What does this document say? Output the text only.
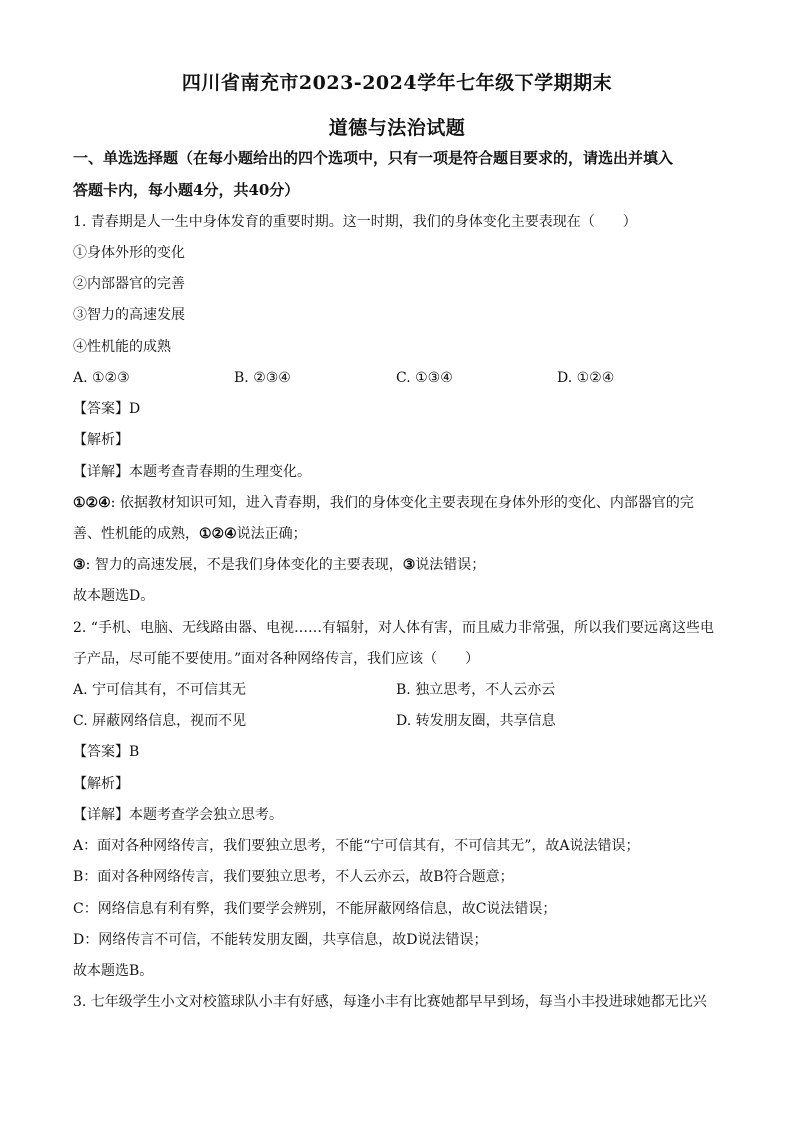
四川省南充市2023-2024学年七年级下学期期末
道德与法治试题
一、单选选择题（在每小题给出的四个选项中，只有一项是符合题目要求的，请选出并填入
答题卡内，每小题4分，共40分）
1. 青春期是人一生中身体发育的重要时期。这一时期，我们的身体变化主要表现在（　　）
①身体外形的变化
②内部器官的完善
③智力的高速发展
④性机能的成熟
A. ①②③	B. ②③④	C. ①③④	D. ①②④
【答案】D
【解析】
【详解】本题考查青春期的生理变化。
①②④: 依据教材知识可知，进入青春期，我们的身体变化主要表现在身体外形的变化、内部器官的完
善、性机能的成熟，①②④说法正确；
③: 智力的高速发展，不是我们身体变化的主要表现，③说法错误；
故本题选D。
2. “手机、电脑、无线路由器、电视……有辐射，对人体有害，而且威力非常强，所以我们要远离这些电
子产品，尽可能不要使用。”面对各种网络传言，我们应该（　　）
A. 宁可信其有，不可信其无	B. 独立思考，不人云亦云
C. 屏蔽网络信息，视而不见	D. 转发朋友圈，共享信息
【答案】B
【解析】
【详解】本题考查学会独立思考。
A：面对各种网络传言，我们要独立思考，不能“宁可信其有，不可信其无”，故A说法错误；
B：面对各种网络传言，我们要独立思考，不人云亦云，故B符合题意；
C：网络信息有利有弊，我们要学会辨别，不能屏蔽网络信息，故C说法错误；
D：网络传言不可信，不能转发朋友圈，共享信息，故D说法错误；
故本题选B。
3. 七年级学生小文对校篮球队小丰有好感，每逢小丰有比赛她都早早到场，每当小丰投进球她都无比兴
